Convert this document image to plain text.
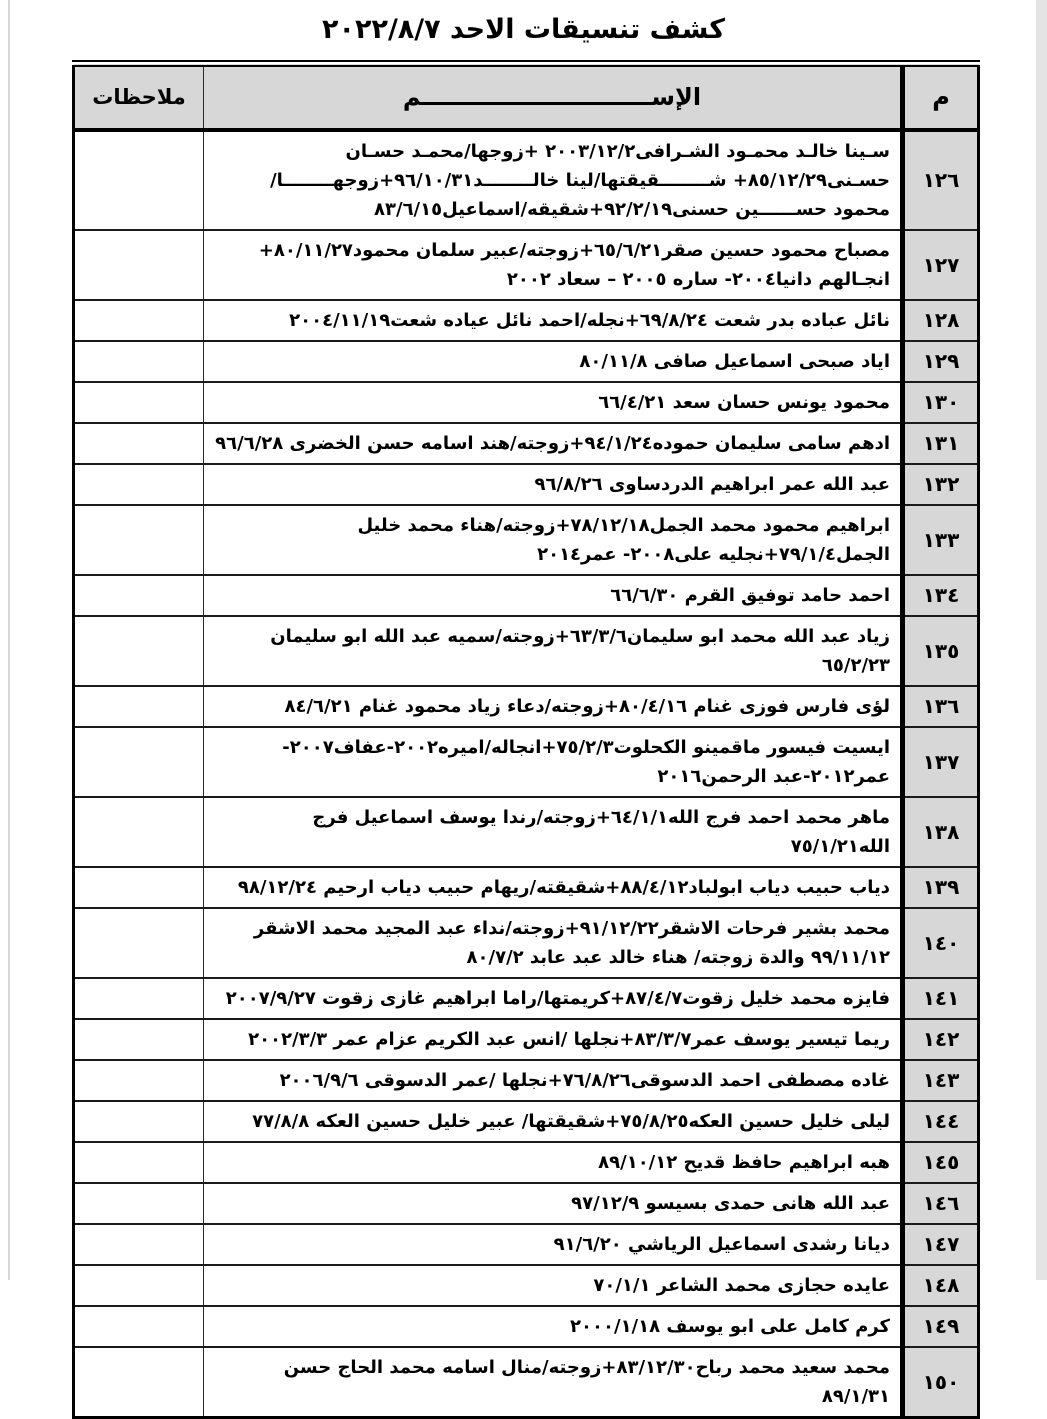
كشف تنسيقات الاحد ٢٠٢٢/٨/٧
م	الإســــــــــــــــــــــــــــم	ملاحظات
١٢٦	سـينا خالـد محمـود الشـرافى٢٠٠٣/١٢/٢ +زوجها/محمـد حسـان حسـنى٨٥/١٢/٢٩+ شــــــــقيقتها/لينا خالــــــــد٩٦/١٠/٣١+زوجهــــــــا/محمود حســــــين حسنى٩٢/٢/١٩+شقيقه/اسماعيل٨٣/٦/١٥	
١٢٧	مصباح محمود حسين صقر٦٥/٦/٢١+زوجته/عبير سلمان محمود٨٠/١١/٢٧+ انجـالهم دانيا٢٠٠٤- ساره ٢٠٠٥ – سعاد ٢٠٠٢	
١٢٨	نائل عباده بدر شعت ٦٩/٨/٢٤+نجله/احمد نائل عياده شعت٢٠٠٤/١١/١٩	
١٢٩	اياد صبحى اسماعيل صافى ٨٠/١١/٨	
١٣٠	محمود يونس حسان سعد ٦٦/٤/٢١	
١٣١	ادهم سامى سليمان حموده٩٤/١/٢٤+زوجته/هند اسامه حسن الخضرى ٩٦/٦/٢٨	
١٣٢	عبد الله عمر ابراهيم الدردساوى ٩٦/٨/٢٦	
١٣٣	ابراهيم محمود محمد الجمل٧٨/١٢/١٨+زوجته/هناء محمد خليل الجمل٧٩/١/٤+نجليه على٢٠٠٨- عمر٢٠١٤	
١٣٤	احمد حامد توفيق القرم ٦٦/٦/٣٠	
١٣٥	زياد عبد الله محمد ابو سليمان٦٣/٣/٦+زوجته/سميه عبد الله ابو سليمان ٦٥/٢/٢٣	
١٣٦	لؤى فارس فوزى غنام ٨٠/٤/١٦+زوجته/دعاء زياد محمود غنام ٨٤/٦/٢١	
١٣٧	ايسيت فيسور ماقمينو الكحلوت٧٥/٢/٣+انجاله/اميره٢٠٠٢-عفاف٢٠٠٧-عمر٢٠١٢-عبد الرحمن٢٠١٦	
١٣٨	ماهر محمد احمد فرج الله٦٤/١/١+زوجته/رندا يوسف اسماعيل فرج الله٧٥/١/٢١	
١٣٩	دياب حبيب دياب ابولباد٨٨/٤/١٢+شقيقته/ريهام حبيب دياب ارحيم ٩٨/١٢/٢٤	
١٤٠	محمد بشير فرحات الاشقر٩١/١٢/٢٢+زوجته/نداء عبد المجيد محمد الاشقر ٩٩/١١/١٢ والدة زوجته/ هناء خالد عبد عابد ٨٠/٧/٢	
١٤١	فايزه محمد خليل زقوت٨٧/٤/٧+كريمتها/راما ابراهيم غازى زقوت ٢٠٠٧/٩/٢٧	
١٤٢	ريما تيسير يوسف عمر٨٣/٣/٧+نجلها /انس عبد الكريم عزام عمر ٢٠٠٢/٣/٣	
١٤٣	غاده مصطفى احمد الدسوقى٧٦/٨/٢٦+نجلها /عمر الدسوقى ٢٠٠٦/٩/٦	
١٤٤	ليلى خليل حسين العكه٧٥/٨/٢٥+شقيقتها/ عبير خليل حسين العكه ٧٧/٨/٨	
١٤٥	هبه ابراهيم حافظ قديح ٨٩/١٠/١٢	
١٤٦	عبد الله هانى حمدى بسيسو ٩٧/١٢/٩	
١٤٧	ديانا رشدى اسماعيل الرياشي ٩١/٦/٢٠	
١٤٨	عايده حجازى محمد الشاعر ٧٠/١/١	
١٤٩	كرم كامل على ابو يوسف ٢٠٠٠/١/١٨	
١٥٠	محمد سعيد محمد رباح٨٣/١٢/٣٠+زوجته/منال اسامه محمد الحاج حسن ٨٩/١/٣١	
